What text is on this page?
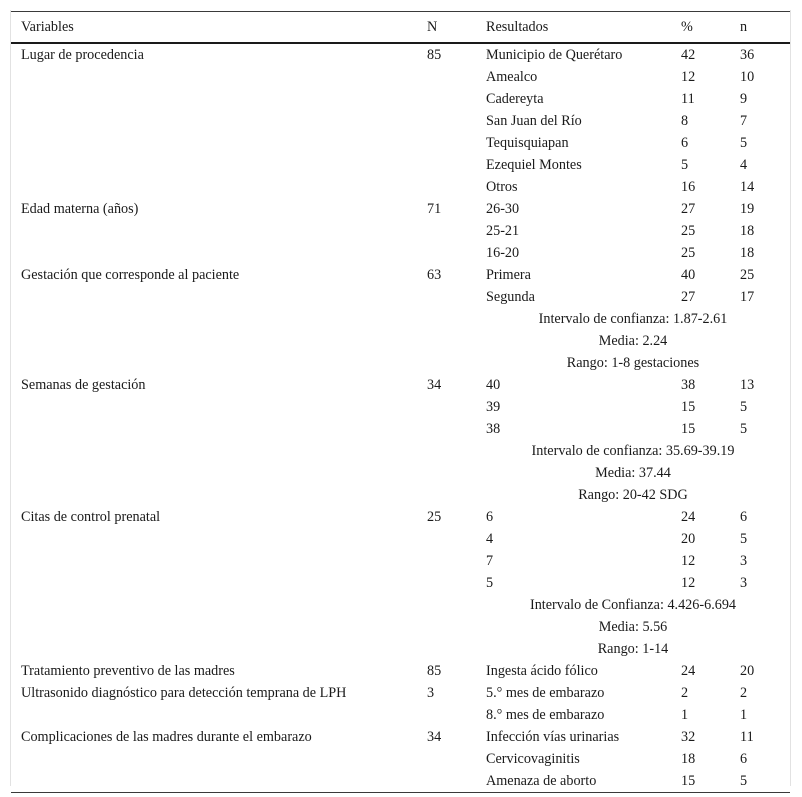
Variables	N	Resultados	%	n
Lugar de procedencia	85	Municipio de Querétaro	42	36
		Amealco	12	10
		Cadereyta	11	9
		San Juan del Río	8	7
		Tequisquiapan	6	5
		Ezequiel Montes	5	4
		Otros	16	14
Edad materna (años)	71	26-30	27	19
		25-21	25	18
		16-20	25	18
Gestación que corresponde al paciente	63	Primera	40	25
		Segunda	27	17
		Intervalo de confianza: 1.87-2.61		
		Media: 2.24		
		Rango: 1-8 gestaciones		
Semanas de gestación	34	40	38	13
		39	15	5
		38	15	5
		Intervalo de confianza: 35.69-39.19		
		Media: 37.44		
		Rango: 20-42 SDG		
Citas de control prenatal	25	6	24	6
		4	20	5
		7	12	3
		5	12	3
		Intervalo de Confianza: 4.426-6.694		
		Media: 5.56		
		Rango: 1-14		
Tratamiento preventivo de las madres	85	Ingesta ácido fólico	24	20
Ultrasonido diagnóstico para detección temprana de LPH	3	5.° mes de embarazo	2	2
		8.° mes de embarazo	1	1
Complicaciones de las madres durante el embarazo	34	Infección vías urinarias	32	11
		Cervicovaginitis	18	6
		Amenaza de aborto	15	5
